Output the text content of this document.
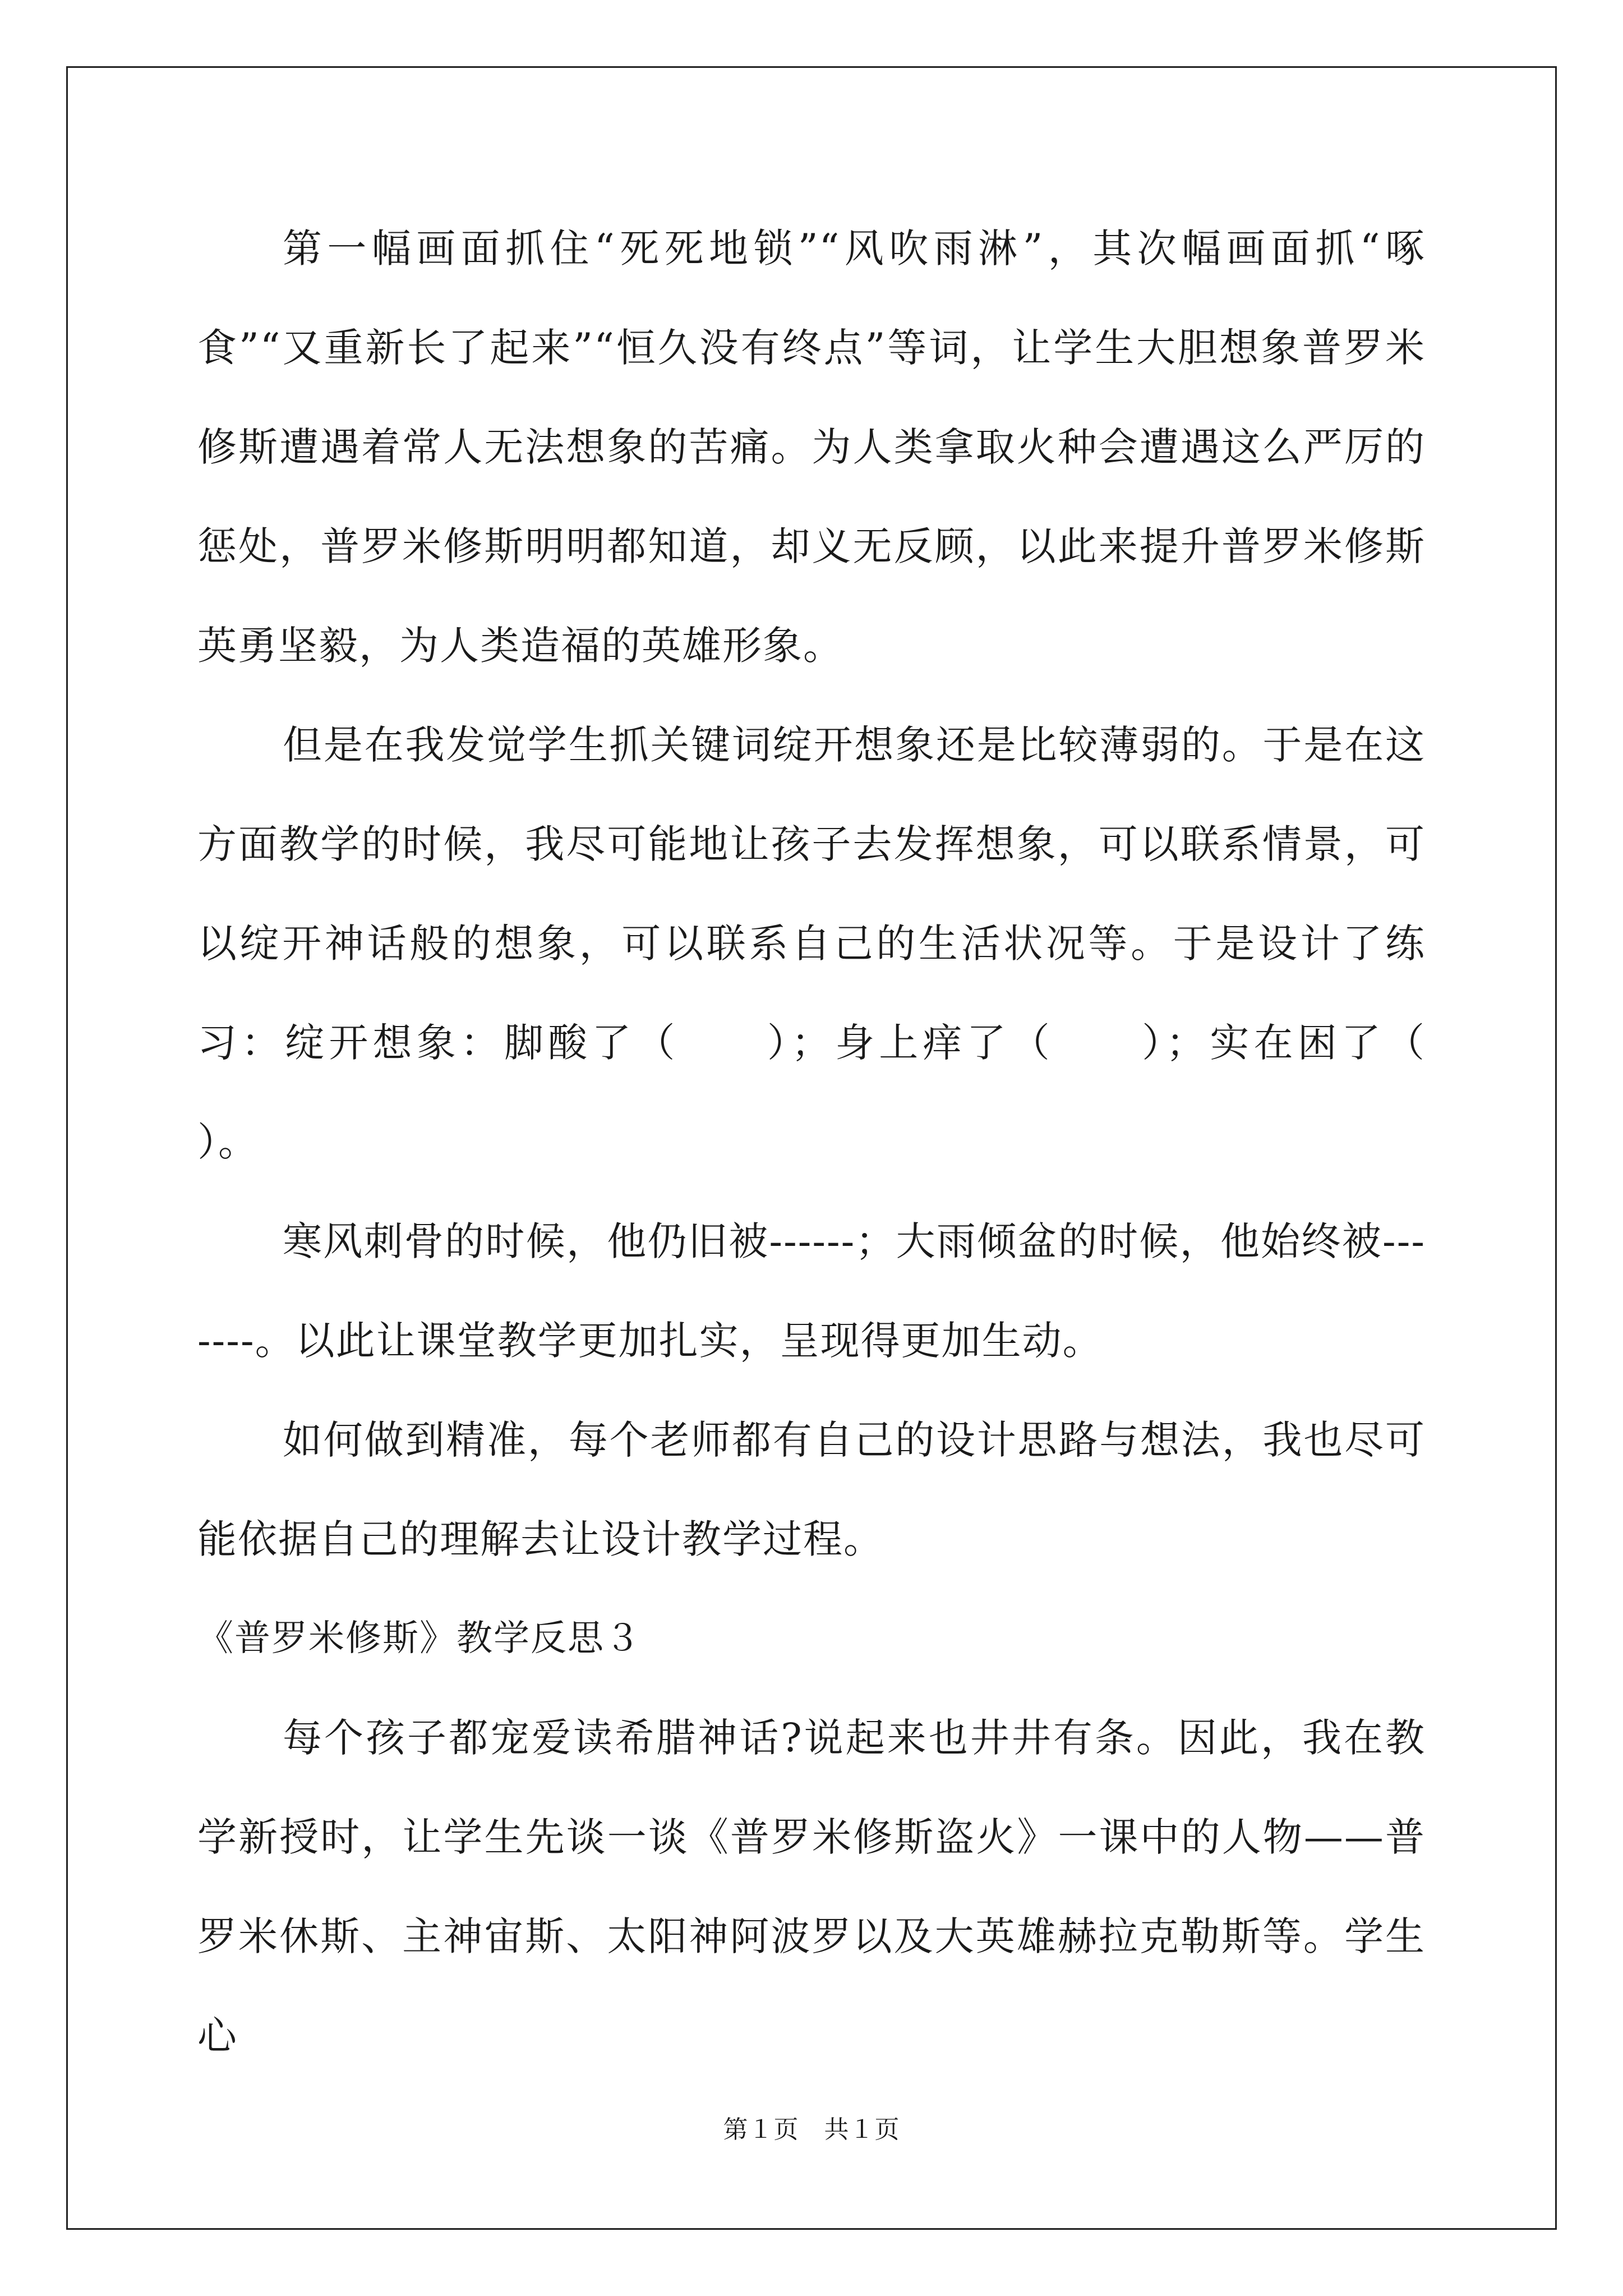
第一幅画面抓住“死死地锁”“风吹雨淋”，其次幅画面抓“啄食”“又重新长了起来”“恒久没有终点”等词，让学生大胆想象普罗米修斯遭遇着常人无法想象的苦痛。为人类拿取火种会遭遇这么严厉的惩处，普罗米修斯明明都知道，却义无反顾，以此来提升普罗米修斯英勇坚毅，为人类造福的英雄形象。

但是在我发觉学生抓关键词绽开想象还是比较薄弱的。于是在这方面教学的时候，我尽可能地让孩子去发挥想象，可以联系情景，可以绽开神话般的想象，可以联系自己的生活状况等。于是设计了练习：绽开想象：脚酸了（　　）；身上痒了（　　）；实在困了（　　）。

寒风刺骨的时候，他仍旧被------；大雨倾盆的时候，他始终被-------。以此让课堂教学更加扎实，呈现得更加生动。

如何做到精准，每个老师都有自己的设计思路与想法，我也尽可能依据自己的理解去让设计教学过程。

《普罗米修斯》教学反思３

每个孩子都宠爱读希腊神话?说起来也井井有条。因此，我在教学新授时，让学生先谈一谈《普罗米修斯盗火》一课中的人物——普罗米休斯、主神宙斯、太阳神阿波罗以及大英雄赫拉克勒斯等。学生心

第１页　共１页
